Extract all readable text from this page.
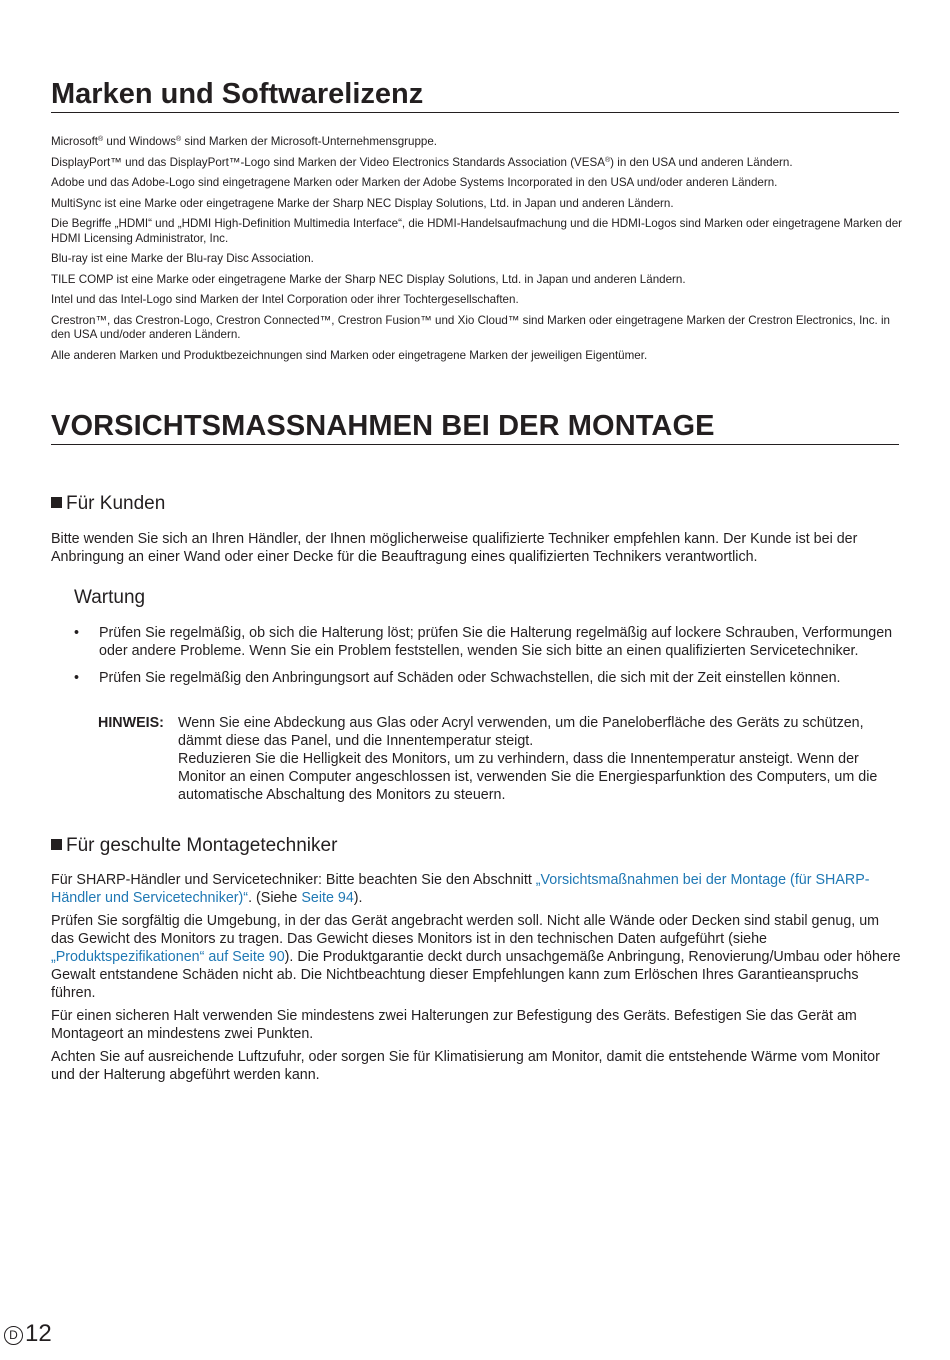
Marken und Softwarelizenz

Microsoft® und Windows® sind Marken der Microsoft-Unternehmensgruppe.

DisplayPort™ und das DisplayPort™-Logo sind Marken der Video Electronics Standards Association (VESA®) in den USA und anderen Ländern.

Adobe und das Adobe-Logo sind eingetragene Marken oder Marken der Adobe Systems Incorporated in den USA und/oder anderen Ländern.

MultiSync ist eine Marke oder eingetragene Marke der Sharp NEC Display Solutions, Ltd. in Japan und anderen Ländern.

Die Begriffe „HDMI“ und „HDMI High-Definition Multimedia Interface“, die HDMI-Handelsaufmachung und die HDMI-Logos sind Marken oder eingetragene Marken der HDMI Licensing Administrator, Inc.

Blu-ray ist eine Marke der Blu-ray Disc Association.

TILE COMP ist eine Marke oder eingetragene Marke der Sharp NEC Display Solutions, Ltd. in Japan und anderen Ländern.

Intel und das Intel-Logo sind Marken der Intel Corporation oder ihrer Tochtergesellschaften.

Crestron™, das Crestron-Logo, Crestron Connected™, Crestron Fusion™ und Xio Cloud™ sind Marken oder eingetragene Marken der Crestron Electronics, Inc. in den USA und/oder anderen Ländern.

Alle anderen Marken und Produktbezeichnungen sind Marken oder eingetragene Marken der jeweiligen Eigentümer.

VORSICHTSMASSNAHMEN BEI DER MONTAGE
Für Kunden

Bitte wenden Sie sich an Ihren Händler, der Ihnen möglicherweise qualifizierte Techniker empfehlen kann. Der Kunde ist bei der Anbringung an einer Wand oder einer Decke für die Beauftragung eines qualifizierten Technikers verantwortlich.

Wartung
• Prüfen Sie regelmäßig, ob sich die Halterung löst; prüfen Sie die Halterung regelmäßig auf lockere Schrauben, Verformungen oder andere Probleme. Wenn Sie ein Problem feststellen, wenden Sie sich bitte an einen qualifizierten Servicetechniker.
• Prüfen Sie regelmäßig den Anbringungsort auf Schäden oder Schwachstellen, die sich mit der Zeit einstellen können.
HINWEIS: Wenn Sie eine Abdeckung aus Glas oder Acryl verwenden, um die Paneloberfläche des Geräts zu schützen, dämmt diese das Panel, und die Innentemperatur steigt.
Reduzieren Sie die Helligkeit des Monitors, um zu verhindern, dass die Innentemperatur ansteigt. Wenn der Monitor an einen Computer angeschlossen ist, verwenden Sie die Energiesparfunktion des Computers, um die automatische Abschaltung des Monitors zu steuern.
Für geschulte Montagetechniker

Für SHARP-Händler und Servicetechniker: Bitte beachten Sie den Abschnitt „Vorsichtsmaßnahmen bei der Montage (für SHARP-Händler und Servicetechniker)“. (Siehe Seite 94).

Prüfen Sie sorgfältig die Umgebung, in der das Gerät angebracht werden soll. Nicht alle Wände oder Decken sind stabil genug, um das Gewicht des Monitors zu tragen. Das Gewicht dieses Monitors ist in den technischen Daten aufgeführt (siehe „Produktspezifikationen“ auf Seite 90). Die Produktgarantie deckt durch unsachgemäße Anbringung, Renovierung/Umbau oder höhere Gewalt entstandene Schäden nicht ab. Die Nichtbeachtung dieser Empfehlungen kann zum Erlöschen Ihres Garantieanspruchs führen.

Für einen sicheren Halt verwenden Sie mindestens zwei Halterungen zur Befestigung des Geräts. Befestigen Sie das Gerät am Montageort an mindestens zwei Punkten.

Achten Sie auf ausreichende Luftzufuhr, oder sorgen Sie für Klimatisierung am Monitor, damit die entstehende Wärme vom Monitor und der Halterung abgeführt werden kann.

D 12
